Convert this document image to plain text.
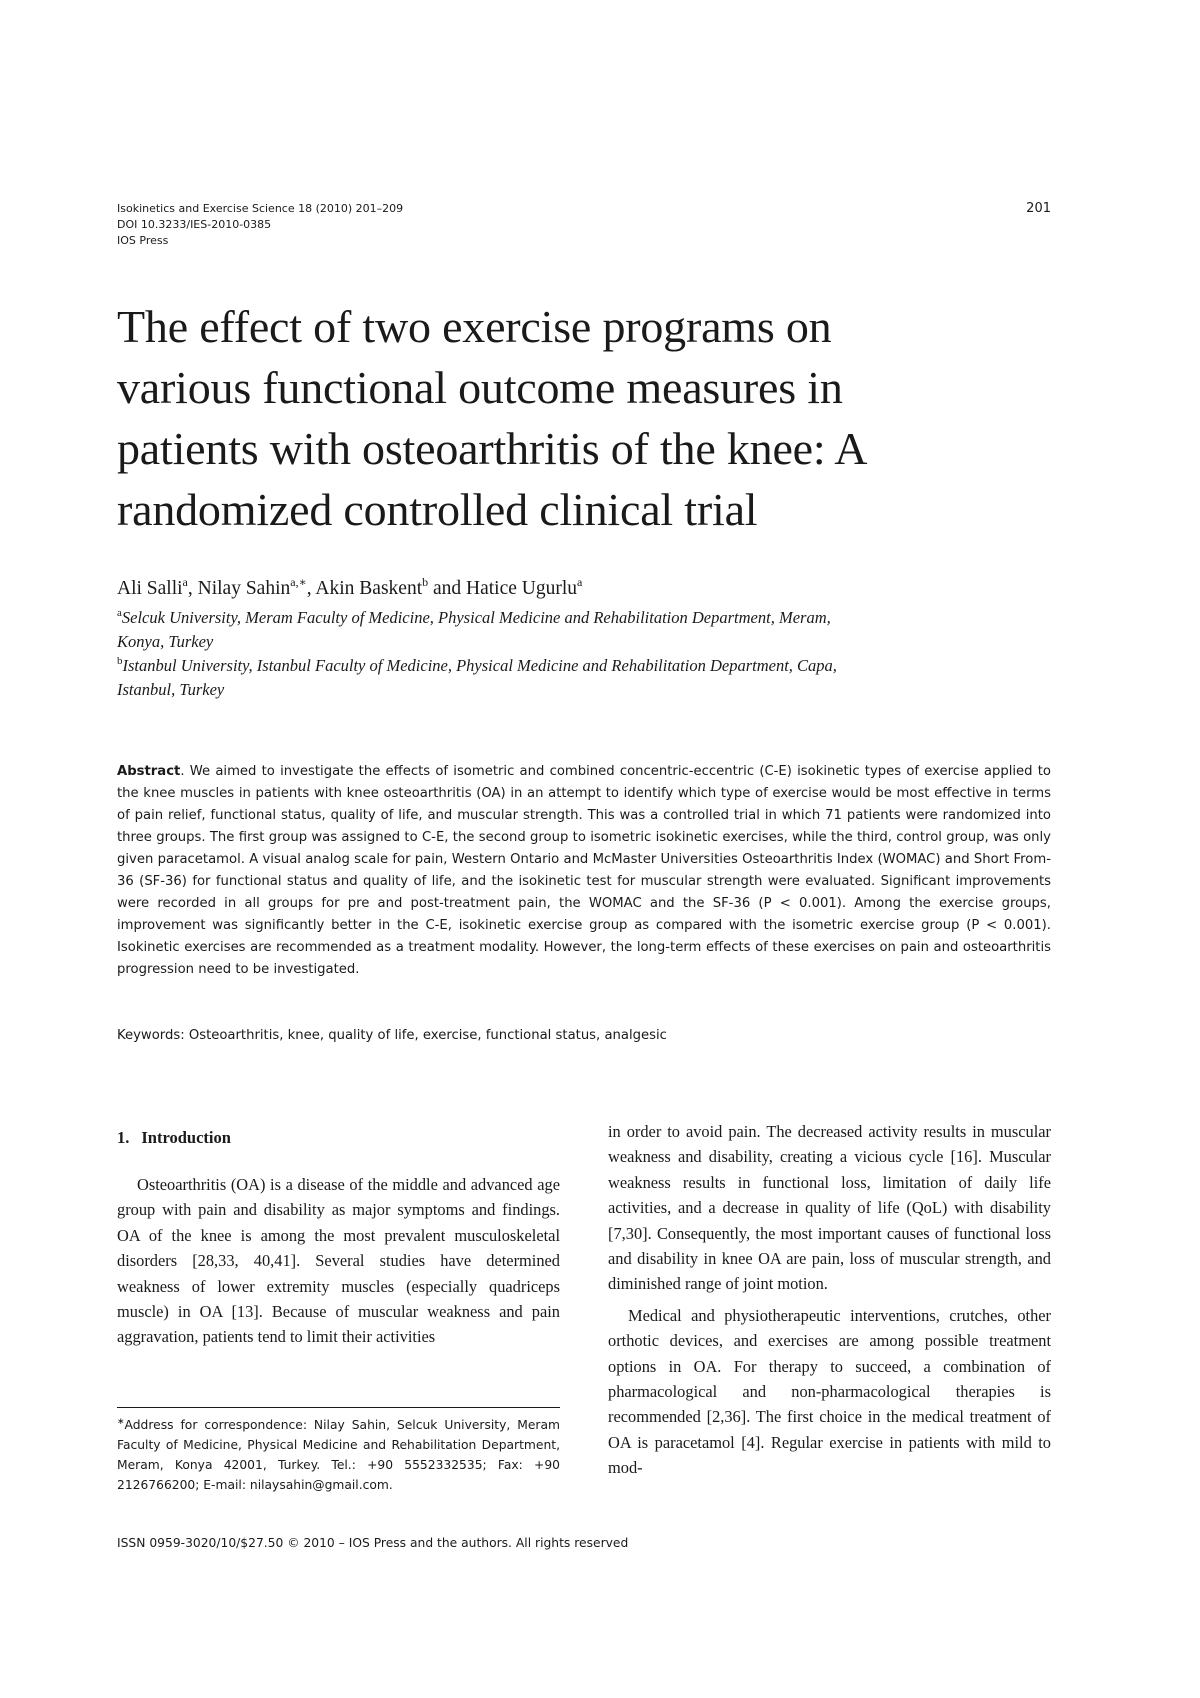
Isokinetics and Exercise Science 18 (2010) 201–209
DOI 10.3233/IES-2010-0385
IOS Press
201
The effect of two exercise programs on
various functional outcome measures in
patients with osteoarthritis of the knee: A
randomized controlled clinical trial
Ali Salli$^a$, Nilay Sahin$^{a,∗}$, Akin Baskent$^b$ and Hatice Ugurlu$^a$
$^a$Selcuk University, Meram Faculty of Medicine, Physical Medicine and Rehabilitation Department, Meram,
Konya, Turkey
$^b$Istanbul University, Istanbul Faculty of Medicine, Physical Medicine and Rehabilitation Department, Capa,
Istanbul, Turkey
Abstract. We aimed to investigate the effects of isometric and combined concentric-eccentric (C-E) isokinetic types of exercise applied to the knee muscles in patients with knee osteoarthritis (OA) in an attempt to identify which type of exercise would be most effective in terms of pain relief, functional status, quality of life, and muscular strength. This was a controlled trial in which 71 patients were randomized into three groups. The first group was assigned to C-E, the second group to isometric isokinetic exercises, while the third, control group, was only given paracetamol. A visual analog scale for pain, Western Ontario and McMaster Universities Osteoarthritis Index (WOMAC) and Short From-36 (SF-36) for functional status and quality of life, and the isokinetic test for muscular strength were evaluated. Significant improvements were recorded in all groups for pre and post-treatment pain, the WOMAC and the SF-36 (P < 0.001). Among the exercise groups, improvement was significantly better in the C-E, isokinetic exercise group as compared with the isometric exercise group (P < 0.001). Isokinetic exercises are recommended as a treatment modality. However, the long-term effects of these exercises on pain and osteoarthritis progression need to be investigated.
Keywords: Osteoarthritis, knee, quality of life, exercise, functional status, analgesic
1. Introduction

Osteoarthritis (OA) is a disease of the middle and advanced age group with pain and disability as major symptoms and findings. OA of the knee is among the most prevalent musculoskeletal disorders [28,33, 40,41]. Several studies have determined weakness of lower extremity muscles (especially quadriceps muscle) in OA [13]. Because of muscular weakness and pain aggravation, patients tend to limit their activities

in order to avoid pain. The decreased activity results in muscular weakness and disability, creating a vicious cycle [16]. Muscular weakness results in functional loss, limitation of daily life activities, and a decrease in quality of life (QoL) with disability [7,30]. Consequently, the most important causes of functional loss and disability in knee OA are pain, loss of muscular strength, and diminished range of joint motion.

Medical and physiotherapeutic interventions, crutches, other orthotic devices, and exercises are among possible treatment options in OA. For therapy to succeed, a combination of pharmacological and non-pharmacological therapies is recommended [2,36]. The first choice in the medical treatment of OA is paracetamol [4]. Regular exercise in patients with mild to mod-

∗Address for correspondence: Nilay Sahin, Selcuk University, Meram Faculty of Medicine, Physical Medicine and Rehabilitation Department, Meram, Konya 42001, Turkey. Tel.: +90 5552332535; Fax: +90 2126766200; E-mail: nilaysahin@gmail.com.
ISSN 0959-3020/10/$27.50 © 2010 – IOS Press and the authors. All rights reserved
